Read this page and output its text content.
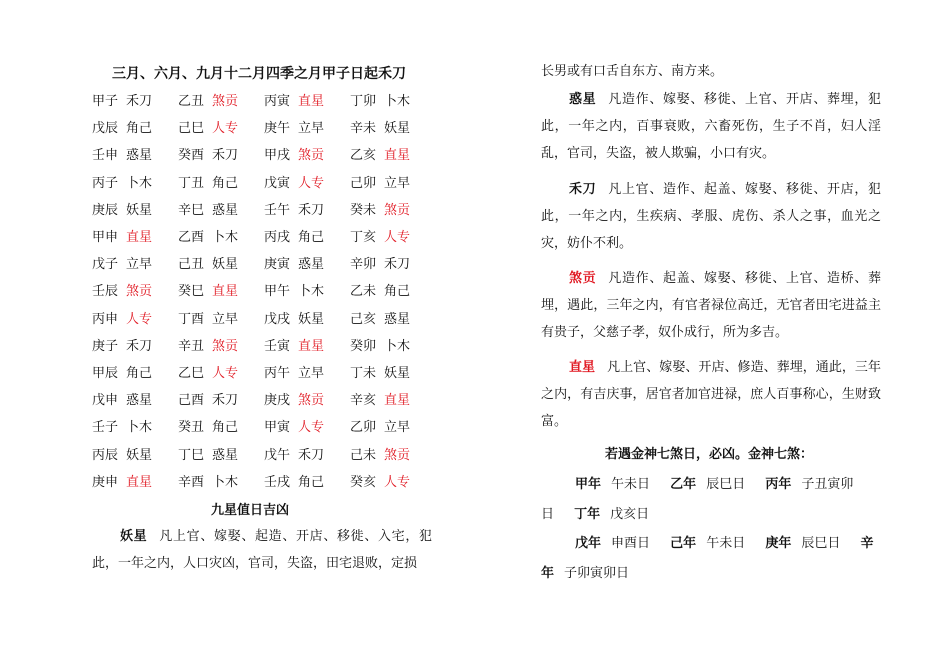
三月、六月、九月十二月四季之月甲子日起禾刀
甲子 禾刀	乙丑 煞贡	丙寅 直星	丁卯 卜木
戊辰 角己	己巳 人专	庚午 立早	辛未 妖星
壬申 惑星	癸酉 禾刀	甲戌 煞贡	乙亥 直星
丙子 卜木	丁丑 角己	戊寅 人专	己卯 立早
庚辰 妖星	辛巳 惑星	壬午 禾刀	癸未 煞贡
甲申 直星	乙酉 卜木	丙戌 角己	丁亥 人专
戊子 立早	己丑 妖星	庚寅 惑星	辛卯 禾刀
壬辰 煞贡	癸巳 直星	甲午 卜木	乙未 角己
丙申 人专	丁酉 立早	戊戌 妖星	己亥 惑星
庚子 禾刀	辛丑 煞贡	壬寅 直星	癸卯 卜木
甲辰 角己	乙巳 人专	丙午 立早	丁未 妖星
戊申 惑星	己酉 禾刀	庚戌 煞贡	辛亥 直星
壬子 卜木	癸丑 角己	甲寅 人专	乙卯 立早
丙辰 妖星	丁巳 惑星	戊午 禾刀	己未 煞贡
庚申 直星	辛酉 卜木	壬戌 角己	癸亥 人专
九星值日吉凶
妖星 凡上官、嫁娶、起造、开店、移徙、入宅，犯此，一年之内，人口灾凶，官司，失盗，田宅退败，定损
长男或有口舌自东方、南方来。
惑星 凡造作、嫁娶、移徙、上官、开店、葬埋，犯此，一年之内，百事衰败，六畜死伤，生子不肖，妇人淫乱，官司，失盗，被人欺骗，小口有灾。
禾刀 凡上官、造作、起盖、嫁娶、移徙、开店，犯此，一年之内，生疾病、孝服、虎伤、杀人之事，血光之灾，妨仆不利。
煞贡 凡造作、起盖、嫁娶、移徙、上官、造桥、葬埋，遇此，三年之内，有官者禄位高迁，无官者田宅进益主有贵子，父慈子孝，奴仆成行，所为多吉。
直星 凡上官、嫁娶、开店、修造、葬埋，通此，三年之内，有吉庆事，居官者加官进禄，庶人百事称心，生财致富。
若遇金神七煞日，必凶。金神七煞：
甲年 午未日 乙年 辰巳日 丙年 子丑寅卯日 丁年 戊亥日
戊年 申酉日 己年 午未日 庚年 辰巳日 辛年 子卯寅卯日
